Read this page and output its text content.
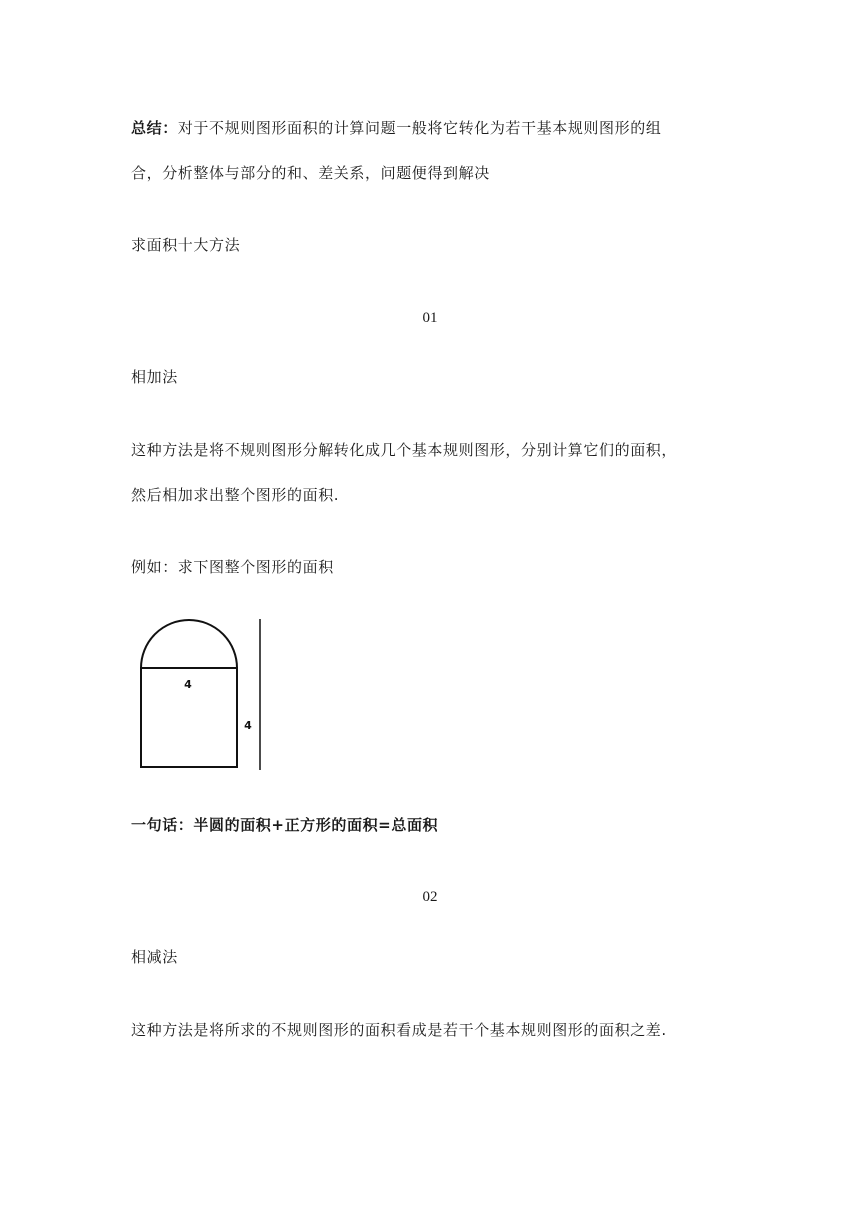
总结：对于不规则图形面积的计算问题一般将它转化为若干基本规则图形的组
合，分析整体与部分的和、差关系，问题便得到解决
求面积十大方法
01
相加法
这种方法是将不规则图形分解转化成几个基本规则图形，分别计算它们的面积，
然后相加求出整个图形的面积.
例如：求下图整个图形的面积
4
4
一句话：半圆的面积+正方形的面积=总面积
02
相减法
这种方法是将所求的不规则图形的面积看成是若干个基本规则图形的面积之差.
